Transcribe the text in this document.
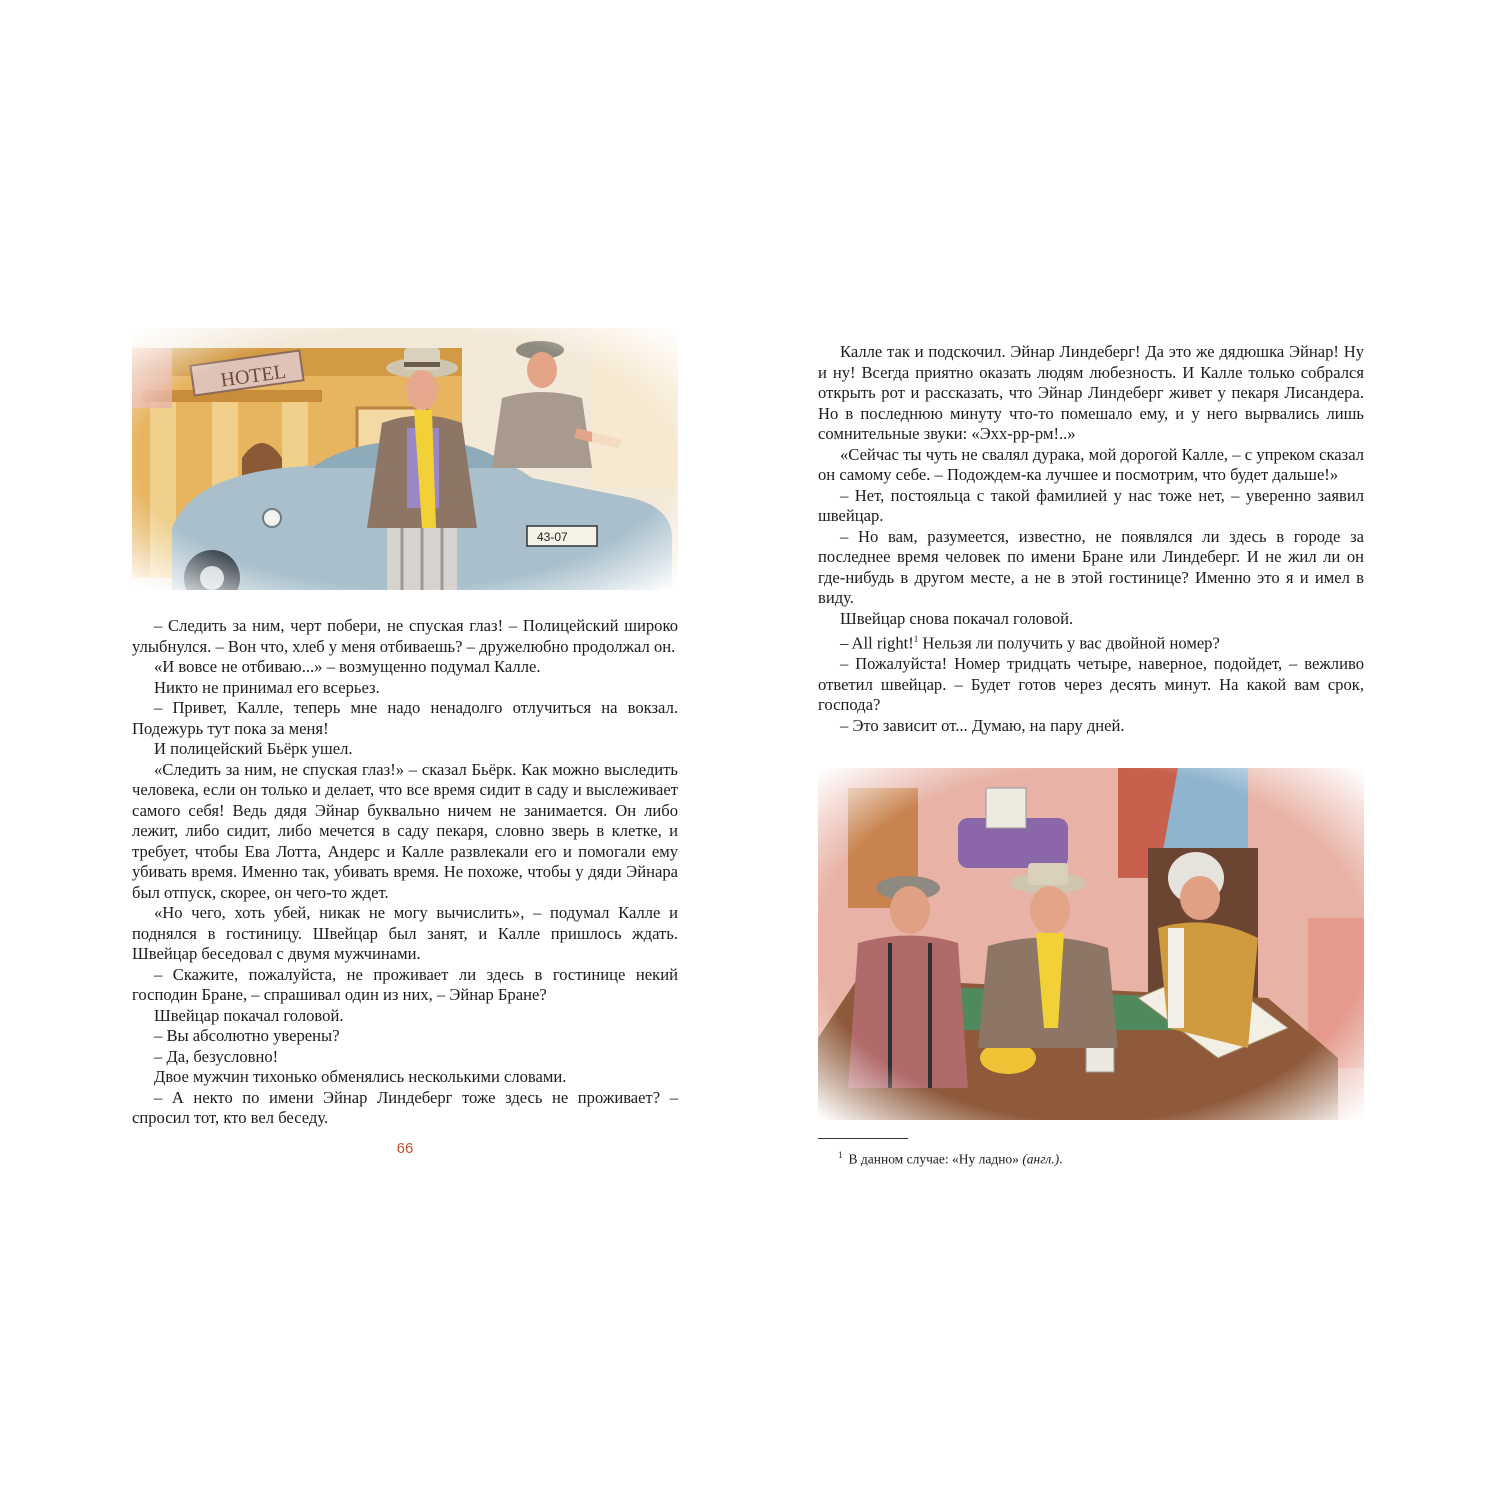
– Следить за ним, черт побери, не спуская глаз! – Полицейский широко улыбнулся. – Вон что, хлеб у меня отбиваешь? – дружелюбно продолжал он.

«И вовсе не отбиваю...» – возмущенно подумал Калле.

Никто не принимал его всерьез.

– Привет, Калле, теперь мне надо ненадолго отлучиться на вокзал. Подежурь тут пока за меня!

И полицейский Бьёрк ушел.

«Следить за ним, не спуская глаз!» – сказал Бьёрк. Как можно выследить человека, если он только и делает, что все время сидит в саду и выслеживает самого себя! Ведь дядя Эйнар буквально ничем не занимается. Он либо лежит, либо сидит, либо мечется в саду пекаря, словно зверь в клетке, и требует, чтобы Ева Лотта, Андерс и Калле развлекали его и помогали ему убивать время. Именно так, убивать время. Не похоже, чтобы у дяди Эйнара был отпуск, скорее, он чего-то ждет.

«Но чего, хоть убей, никак не могу вычислить», – подумал Калле и поднялся в гостиницу. Швейцар был занят, и Калле пришлось ждать. Швейцар беседовал с двумя мужчинами.

– Скажите, пожалуйста, не проживает ли здесь в гостинице некий господин Бране, – спрашивал один из них, – Эйнар Бране?

Швейцар покачал головой.

– Вы абсолютно уверены?

– Да, безусловно!

Двое мужчин тихонько обменялись несколькими словами.

– А некто по имени Эйнар Линдеберг тоже здесь не проживает? – спросил тот, кто вел беседу.

66

Калле так и подскочил. Эйнар Линдеберг! Да это же дядюшка Эйнар! Ну и ну! Всегда приятно оказать людям любезность. И Калле только собрался открыть рот и рассказать, что Эйнар Линдеберг живет у пекаря Лисандера. Но в последнюю минуту что-то помешало ему, и у него вырвались лишь сомнительные звуки: «Эхх-рр-рм!..»

«Сейчас ты чуть не свалял дурака, мой дорогой Калле, – с упреком сказал он самому себе. – Подождем-ка лучшее и посмотрим, что будет дальше!»

– Нет, постояльца с такой фамилией у нас тоже нет, – уверенно заявил швейцар.

– Но вам, разумеется, известно, не появлялся ли здесь в городе за последнее время человек по имени Бране или Линдеберг. И не жил ли он где-нибудь в другом месте, а не в этой гостинице? Именно это я и имел в виду.

Швейцар снова покачал головой.

– All right!$^1$ Нельзя ли получить у вас двойной номер?

– Пожалуйста! Номер тридцать четыре, наверное, подойдет, – вежливо ответил швейцар. – Будет готов через десять минут. На какой вам срок, господа?

– Это зависит от... Думаю, на пару дней.

$^1$ В данном случае: «Ну ладно» (англ.).
